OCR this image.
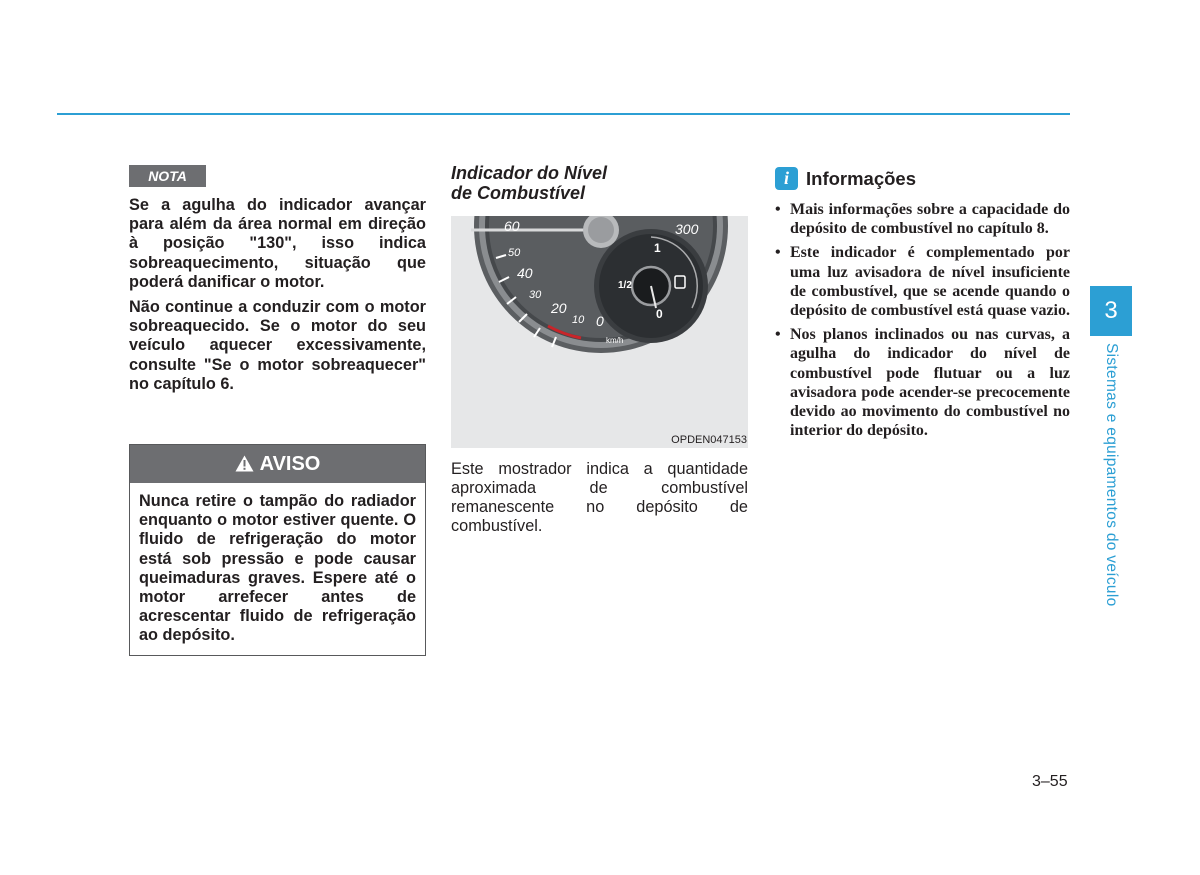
NOTA

Se a agulha do indicador avançar para além da área normal em direção à posição "130", isso indica sobreaquecimento, situação que poderá danificar o motor.

Não continue a conduzir com o motor sobreaquecido. Se o motor do seu veículo aquecer excessivamente, consulte "Se o motor sobreaquecer" no capítulo 6.

AVISO
Nunca retire o tampão do radiador enquanto o motor estiver quente. O fluido de refrigeração do motor está sob pressão e pode causar queimaduras graves. Espere até o motor arrefecer antes de acrescentar fluido de refrigeração ao depósito.

Indicador do Nível
de Combustível

60
50
40
30
20
10 0
300
km/h
1
1/2
0
OPDEN047153

Este mostrador indica a quantidade aproximada de combustível remanescente no depósito de combustível.

i Informações
• Mais informações sobre a capacidade do depósito de combustível no capítulo 8.
• Este indicador é complementado por uma luz avisadora de nível insuficiente de combustível, que se acende quando o depósito de combustível está quase vazio.
• Nos planos inclinados ou nas curvas, a agulha do indicador do nível de combustível pode flutuar ou a luz avisadora pode acender-se precocemente devido ao movimento do combustível no interior do depósito.
3
Sistemas e equipamentos do veículo
3–55
